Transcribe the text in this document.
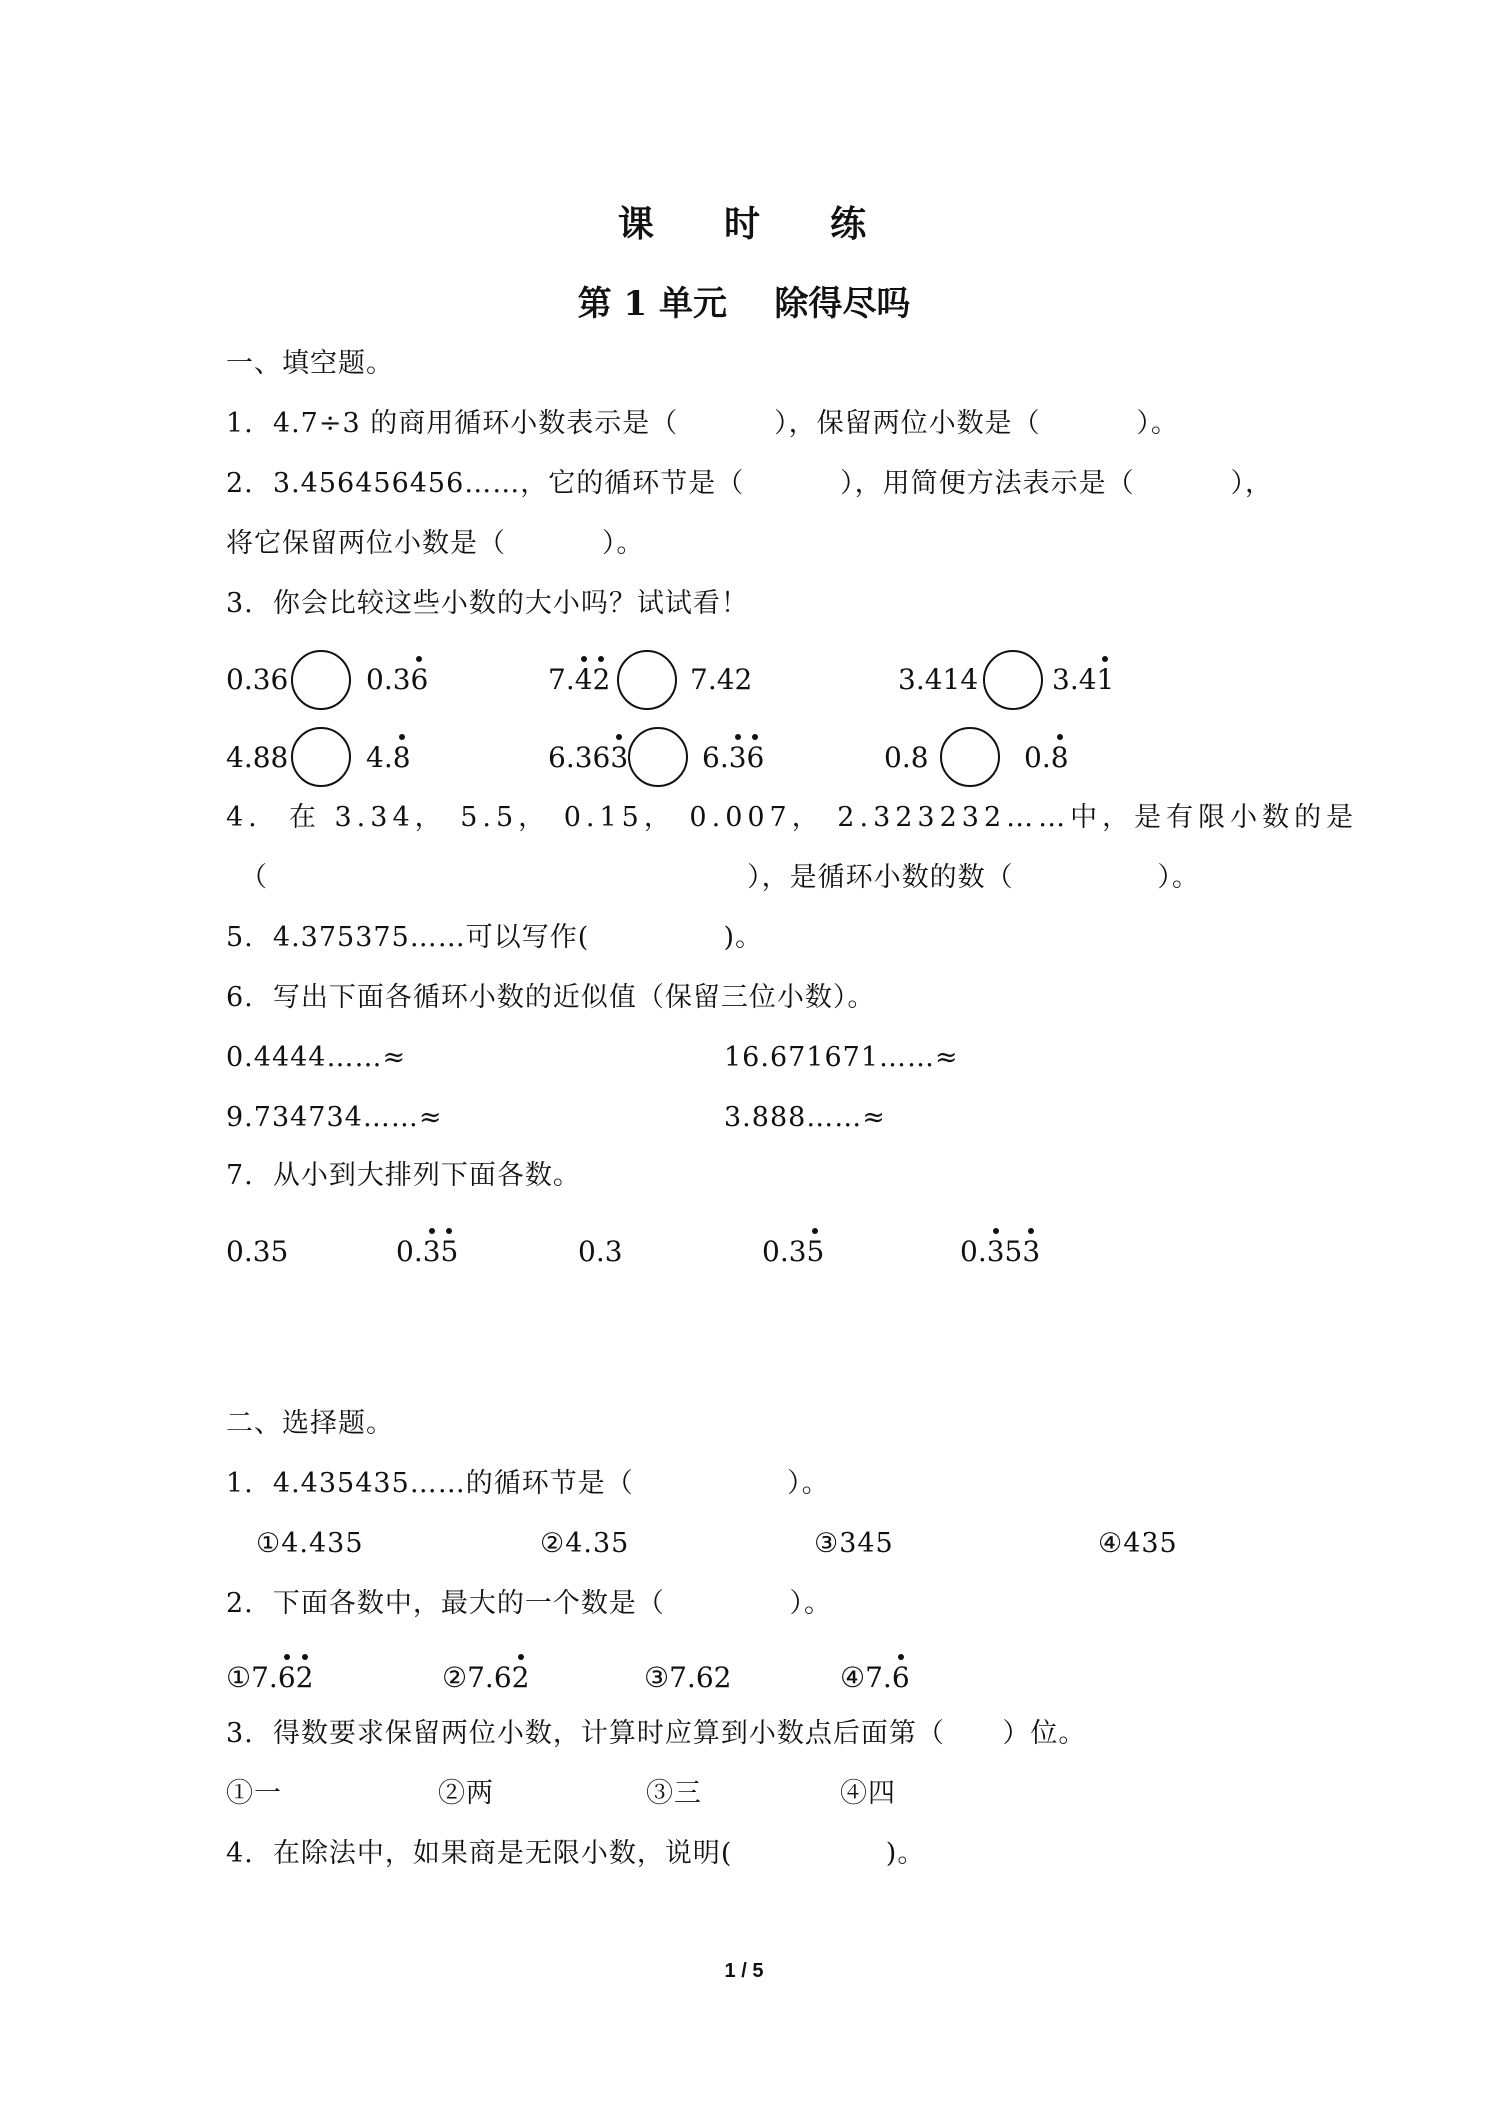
课    时    练
第 1 单元    除得尽吗
一、填空题。
1.  4.7÷3 的商用循环小数表示是（          ），保留两位小数是（          ）。
2.  3.456456456……，它的循环节是（          ），用简便方法表示是（          ），
将它保留两位小数是（          ）。
3.  你会比较这些小数的大小吗？试试看！
0.36	0.36	7.42	7.42	3.414	3.41
4.88	4.8	6.363	6.36	0.8	0.8
4.  在 3.34， 5.5， 0.15， 0.007， 2.323232……中，是有限小数的是
（                                                  ），是循环小数的数（               ）。
5.  4.375375……可以写作(              )。
6.  写出下面各循环小数的近似值（保留三位小数）。
0.4444……≈	16.671671……≈
9.734734……≈	3.888……≈
7.  从小到大排列下面各数。
0.35	0.35	0.3	0.35	0.353
二、选择题。
1.  4.435435……的循环节是（                ）。
①4.435	②4.35	③345	④435
2.  下面各数中，最大的一个数是（             ）。
①7.62	②7.62	③7.62	④7.6
3.  得数要求保留两位小数，计算时应算到小数点后面第（      ）位。
①一	②两	③三	④四
4.  在除法中，如果商是无限小数，说明(                )。
1 / 5
